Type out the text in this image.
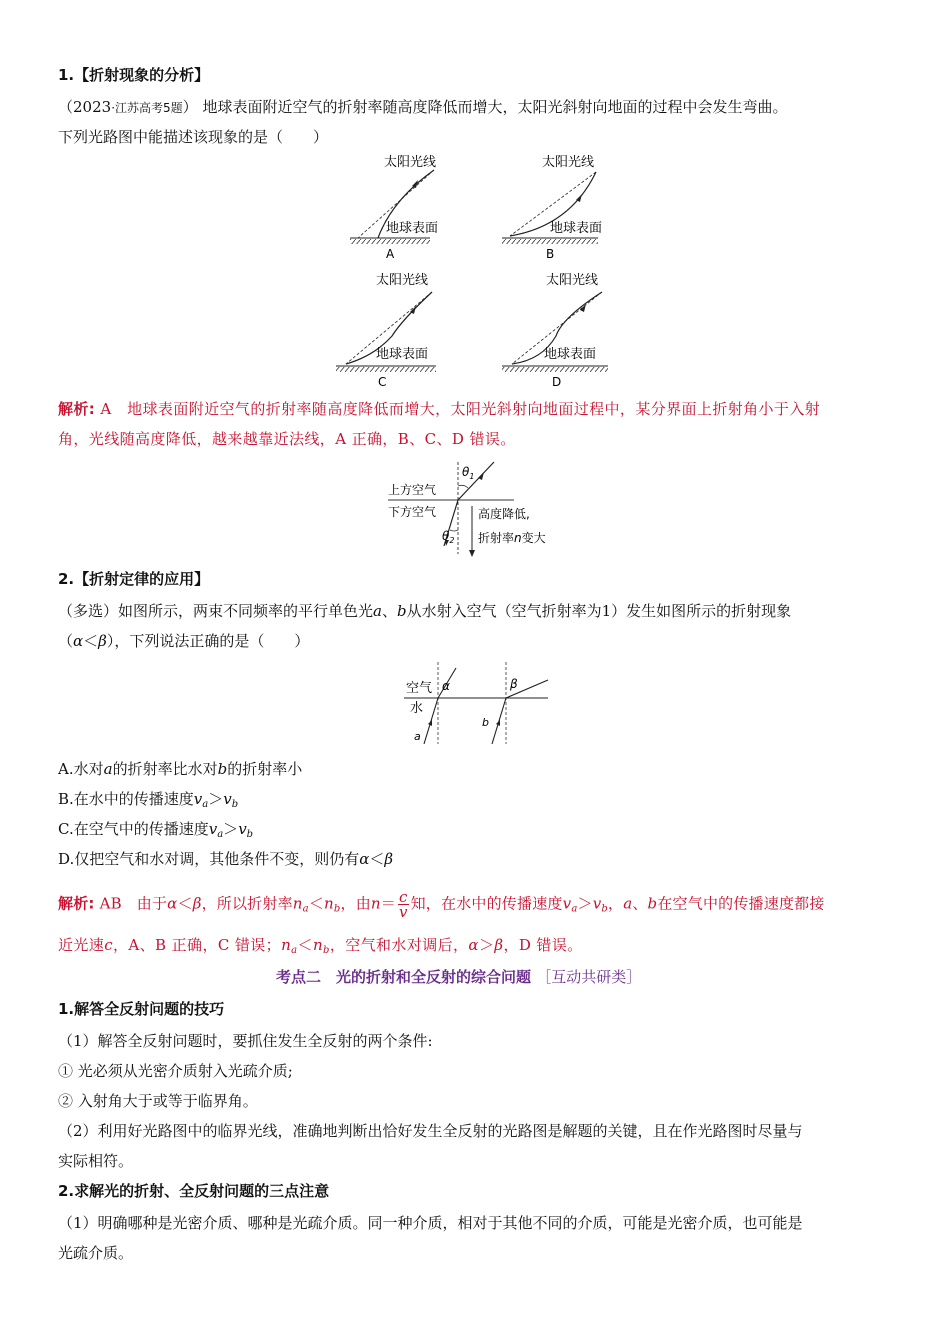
1.【折射现象的分析】
（2023·江苏高考5题） 地球表面附近空气的折射率随高度降低而增大，太阳光斜射向地面的过程中会发生弯曲。
下列光路图中能描述该现象的是（　　）
太阳光线
地球表面
A
太阳光线
地球表面
B
太阳光线
地球表面
C
太阳光线
地球表面
D
解析: A 地球表面附近空气的折射率随高度降低而增大，太阳光斜射向地面过程中，某分界面上折射角小于入射
角，光线随高度降低，越来越靠近法线，A 正确，B、C、D 错误。
$\theta_1$
$\theta_2$
上方空气
下方空气	高度降低,
折射率n变大
2.【折射定律的应用】
（多选）如图所示，两束不同频率的平行单色光a、b从水射入空气（空气折射率为1）发生如图所示的折射现象
（α＜β），下列说法正确的是（　　）
空气
水
α	β
a
b
A.水对a的折射率比水对b的折射率小
B.在水中的传播速度$v_a>v_b$
C.在空气中的传播速度$v_a>v_b$
D.仅把空气和水对调，其他条件不变，则仍有α＜β
解析: AB 由于α＜β，所以折射率$n_a<n_b$，由$n= \frac{c}{v}$ 知，在水中的传播速度$v_a>v_b$，a、b在空气中的传播速度都接
近光速c，A、B 正确，C 错误；$n_a<n_b$，空气和水对调后，α＞β，D 错误。
考点二　光的折射和全反射的综合问题 ［互动共研类］
1.解答全反射问题的技巧
（1）解答全反射问题时，要抓住发生全反射的两个条件:
① 光必须从光密介质射入光疏介质;
② 入射角大于或等于临界角。
（2）利用好光路图中的临界光线，准确地判断出恰好发生全反射的光路图是解题的关键，且在作光路图时尽量与
实际相符。
2.求解光的折射、全反射问题的三点注意
（1）明确哪种是光密介质、哪种是光疏介质。同一种介质，相对于其他不同的介质，可能是光密介质，也可能是
光疏介质。
